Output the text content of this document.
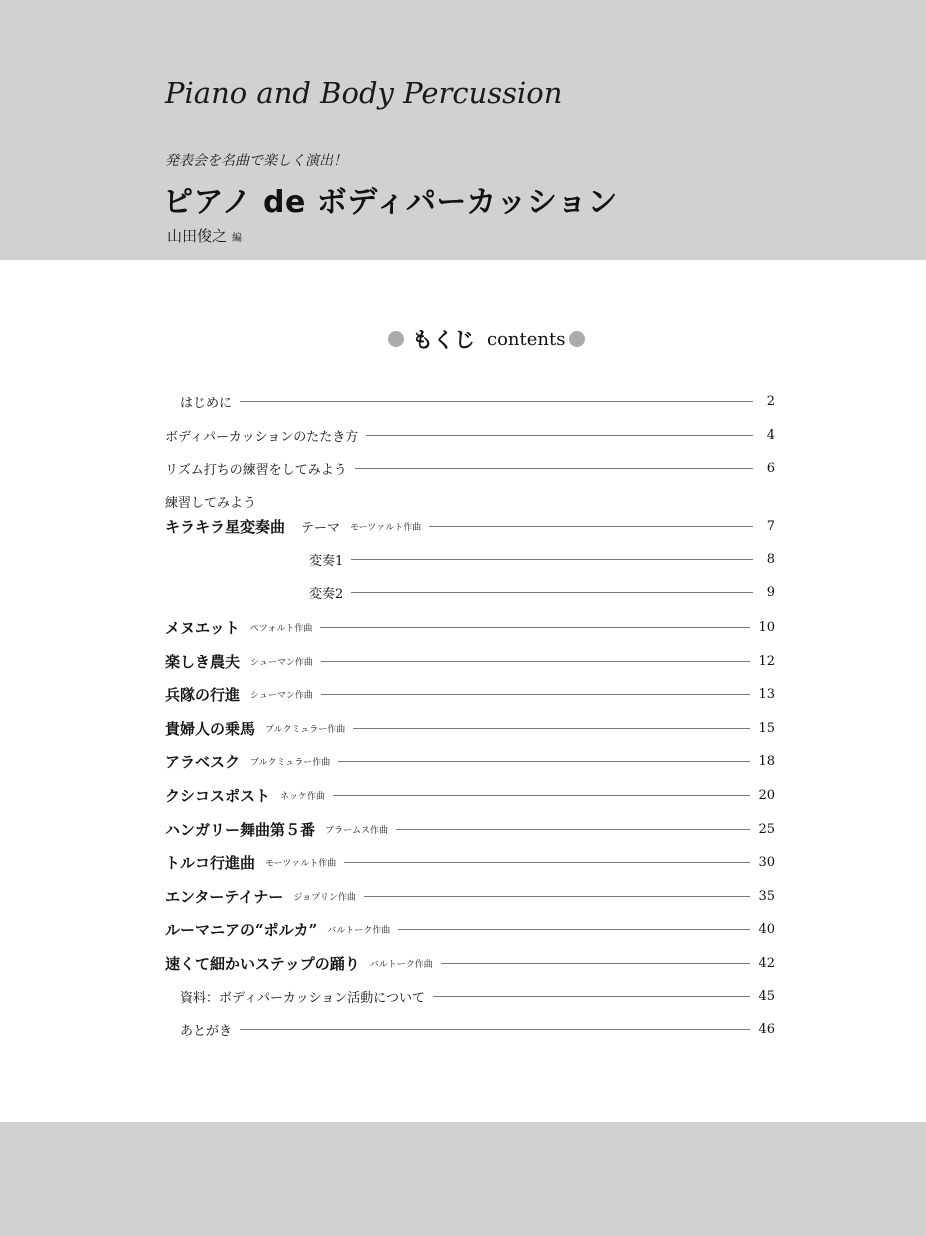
Piano and Body Percussion
発表会を名曲で楽しく演出！
ピアノ de ボディパーカッション
山田俊之 編
もくじ contents
はじめに	2
ボディパーカッションのたたき方	4
リズム打ちの練習をしてみよう	6
練習してみよう
キラキラ星変奏曲 テーマ モーツァルト作曲	7
変奏1	8
変奏2	9
メヌエット ペツォルト作曲	10
楽しき農夫 シューマン作曲	12
兵隊の行進 シューマン作曲	13
貴婦人の乗馬 ブルクミュラー作曲	15
アラベスク ブルクミュラー作曲	18
クシコスポスト ネッケ作曲	20
ハンガリー舞曲第５番 ブラームス作曲	25
トルコ行進曲 モーツァルト作曲	30
エンターテイナー ジョプリン作曲	35
ルーマニアの“ポルカ” バルトーク作曲	40
速くて細かいステップの踊り バルトーク作曲	42
資料：ボディパーカッション活動について	45
あとがき	46
